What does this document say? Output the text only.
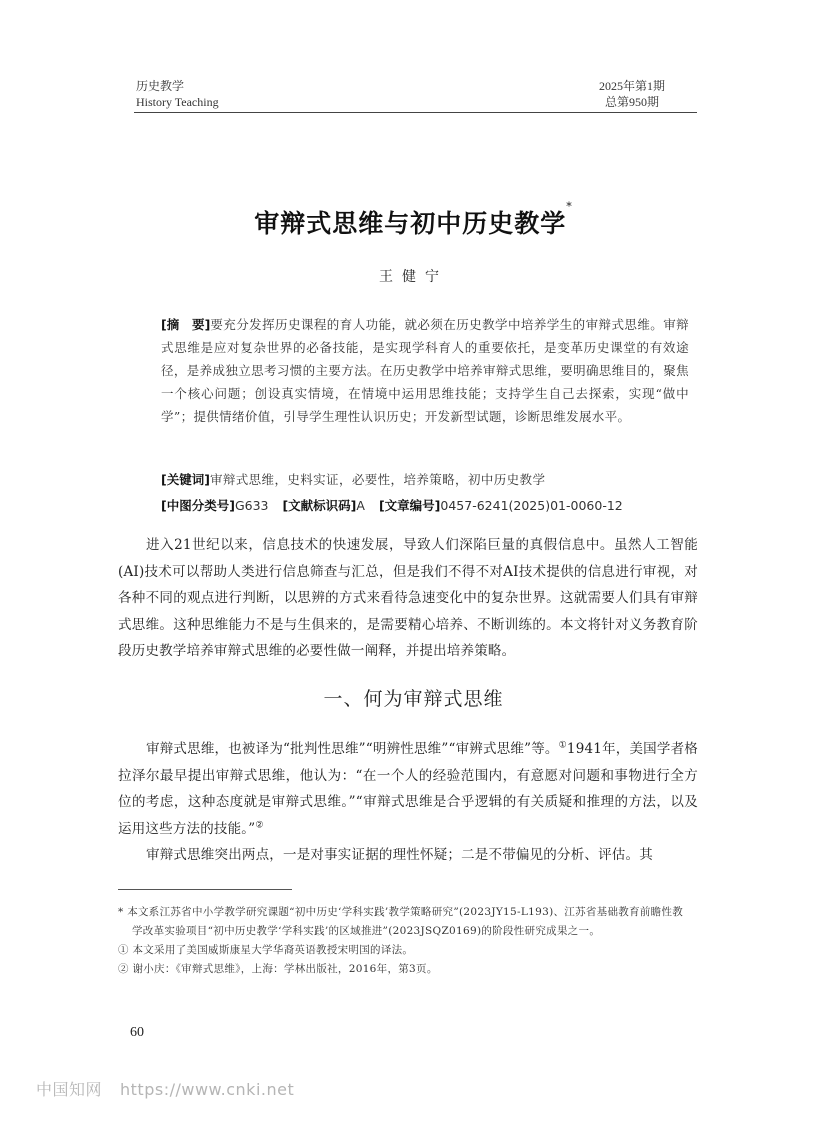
历史教学
History Teaching
2025年第1期
总第950期
审辩式思维与初中历史教学*
王健宁

[摘　要]要充分发挥历史课程的育人功能，就必须在历史教学中培养学生的审辩式思维。审辩式思维是应对复杂世界的必备技能，是实现学科育人的重要依托，是变革历史课堂的有效途径，是养成独立思考习惯的主要方法。在历史教学中培养审辩式思维，要明确思维目的，聚焦一个核心问题；创设真实情境，在情境中运用思维技能；支持学生自己去探索，实现“做中学”；提供情绪价值，引导学生理性认识历史；开发新型试题，诊断思维发展水平。

[关键词]审辩式思维，史料实证，必要性，培养策略，初中历史教学
[中图分类号]G633 [文献标识码]A [文章编号]0457-6241(2025)01-0060-12

进入21世纪以来，信息技术的快速发展，导致人们深陷巨量的真假信息中。虽然人工智能(AI)技术可以帮助人类进行信息筛查与汇总，但是我们不得不对AI技术提供的信息进行审视，对各种不同的观点进行判断，以思辨的方式来看待急速变化中的复杂世界。这就需要人们具有审辩式思维。这种思维能力不是与生俱来的，是需要精心培养、不断训练的。本文将针对义务教育阶段历史教学培养审辩式思维的必要性做一阐释，并提出培养策略。

一、何为审辩式思维

审辩式思维，也被译为“批判性思维”“明辨性思维”“审辨式思维”等。①1941年，美国学者格拉泽尔最早提出审辩式思维，他认为：“在一个人的经验范围内，有意愿对问题和事物进行全方位的考虑，这种态度就是审辩式思维。”“审辩式思维是合乎逻辑的有关质疑和推理的方法，以及运用这些方法的技能。”②

审辩式思维突出两点，一是对事实证据的理性怀疑；二是不带偏见的分析、评估。其

* 本文系江苏省中小学教学研究课题“初中历史‘学科实践’教学策略研究”(2023JY15-L193)、江苏省基础教育前瞻性教学改革实验项目“初中历史教学‘学科实践’的区域推进”(2023JSQZ0169)的阶段性研究成果之一。

① 本文采用了美国威斯康星大学华裔英语教授宋明国的译法。

② 谢小庆：《审辩式思维》，上海：学林出版社，2016年，第3页。

60
中国知网 https://www.cnki.net
